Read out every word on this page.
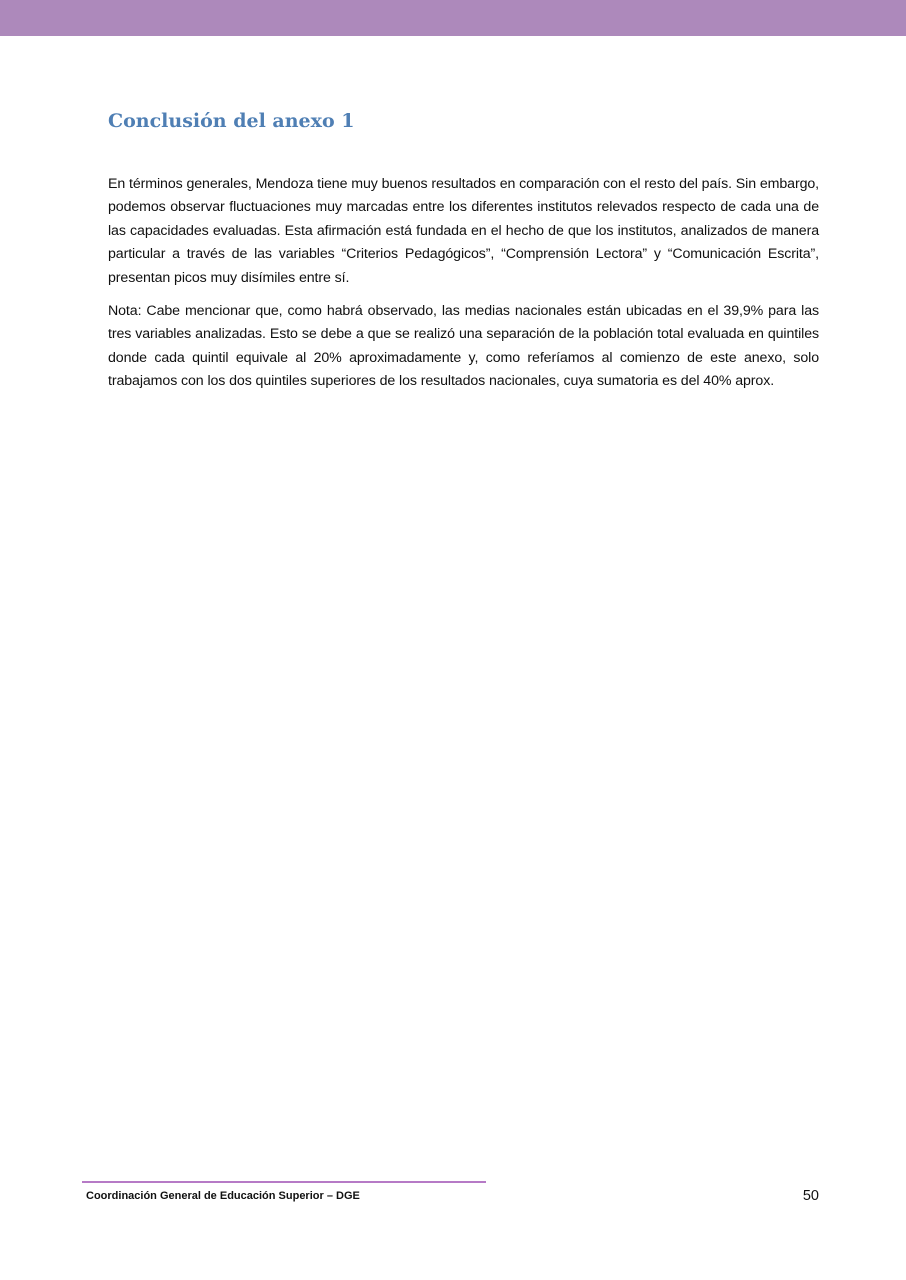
Conclusión del anexo 1

En términos generales, Mendoza tiene muy buenos resultados en comparación con el resto del país. Sin embargo, podemos observar fluctuaciones muy marcadas entre los diferentes institutos relevados respecto de cada una de las capacidades evaluadas. Esta afirmación está fundada en el hecho de que los institutos, analizados de manera particular a través de las variables “Criterios Pedagógicos”, “Comprensión Lectora” y “Comunicación Escrita”, presentan picos muy disímiles entre sí.

Nota: Cabe mencionar que, como habrá observado, las medias nacionales están ubicadas en el 39,9% para las tres variables analizadas. Esto se debe a que se realizó una separación de la población total evaluada en quintiles donde cada quintil equivale al 20% aproximadamente y, como referíamos al comienzo de este anexo, solo trabajamos con los dos quintiles superiores de los resultados nacionales, cuya sumatoria es del 40% aprox.

Coordinación General de Educación Superior – DGE	50
